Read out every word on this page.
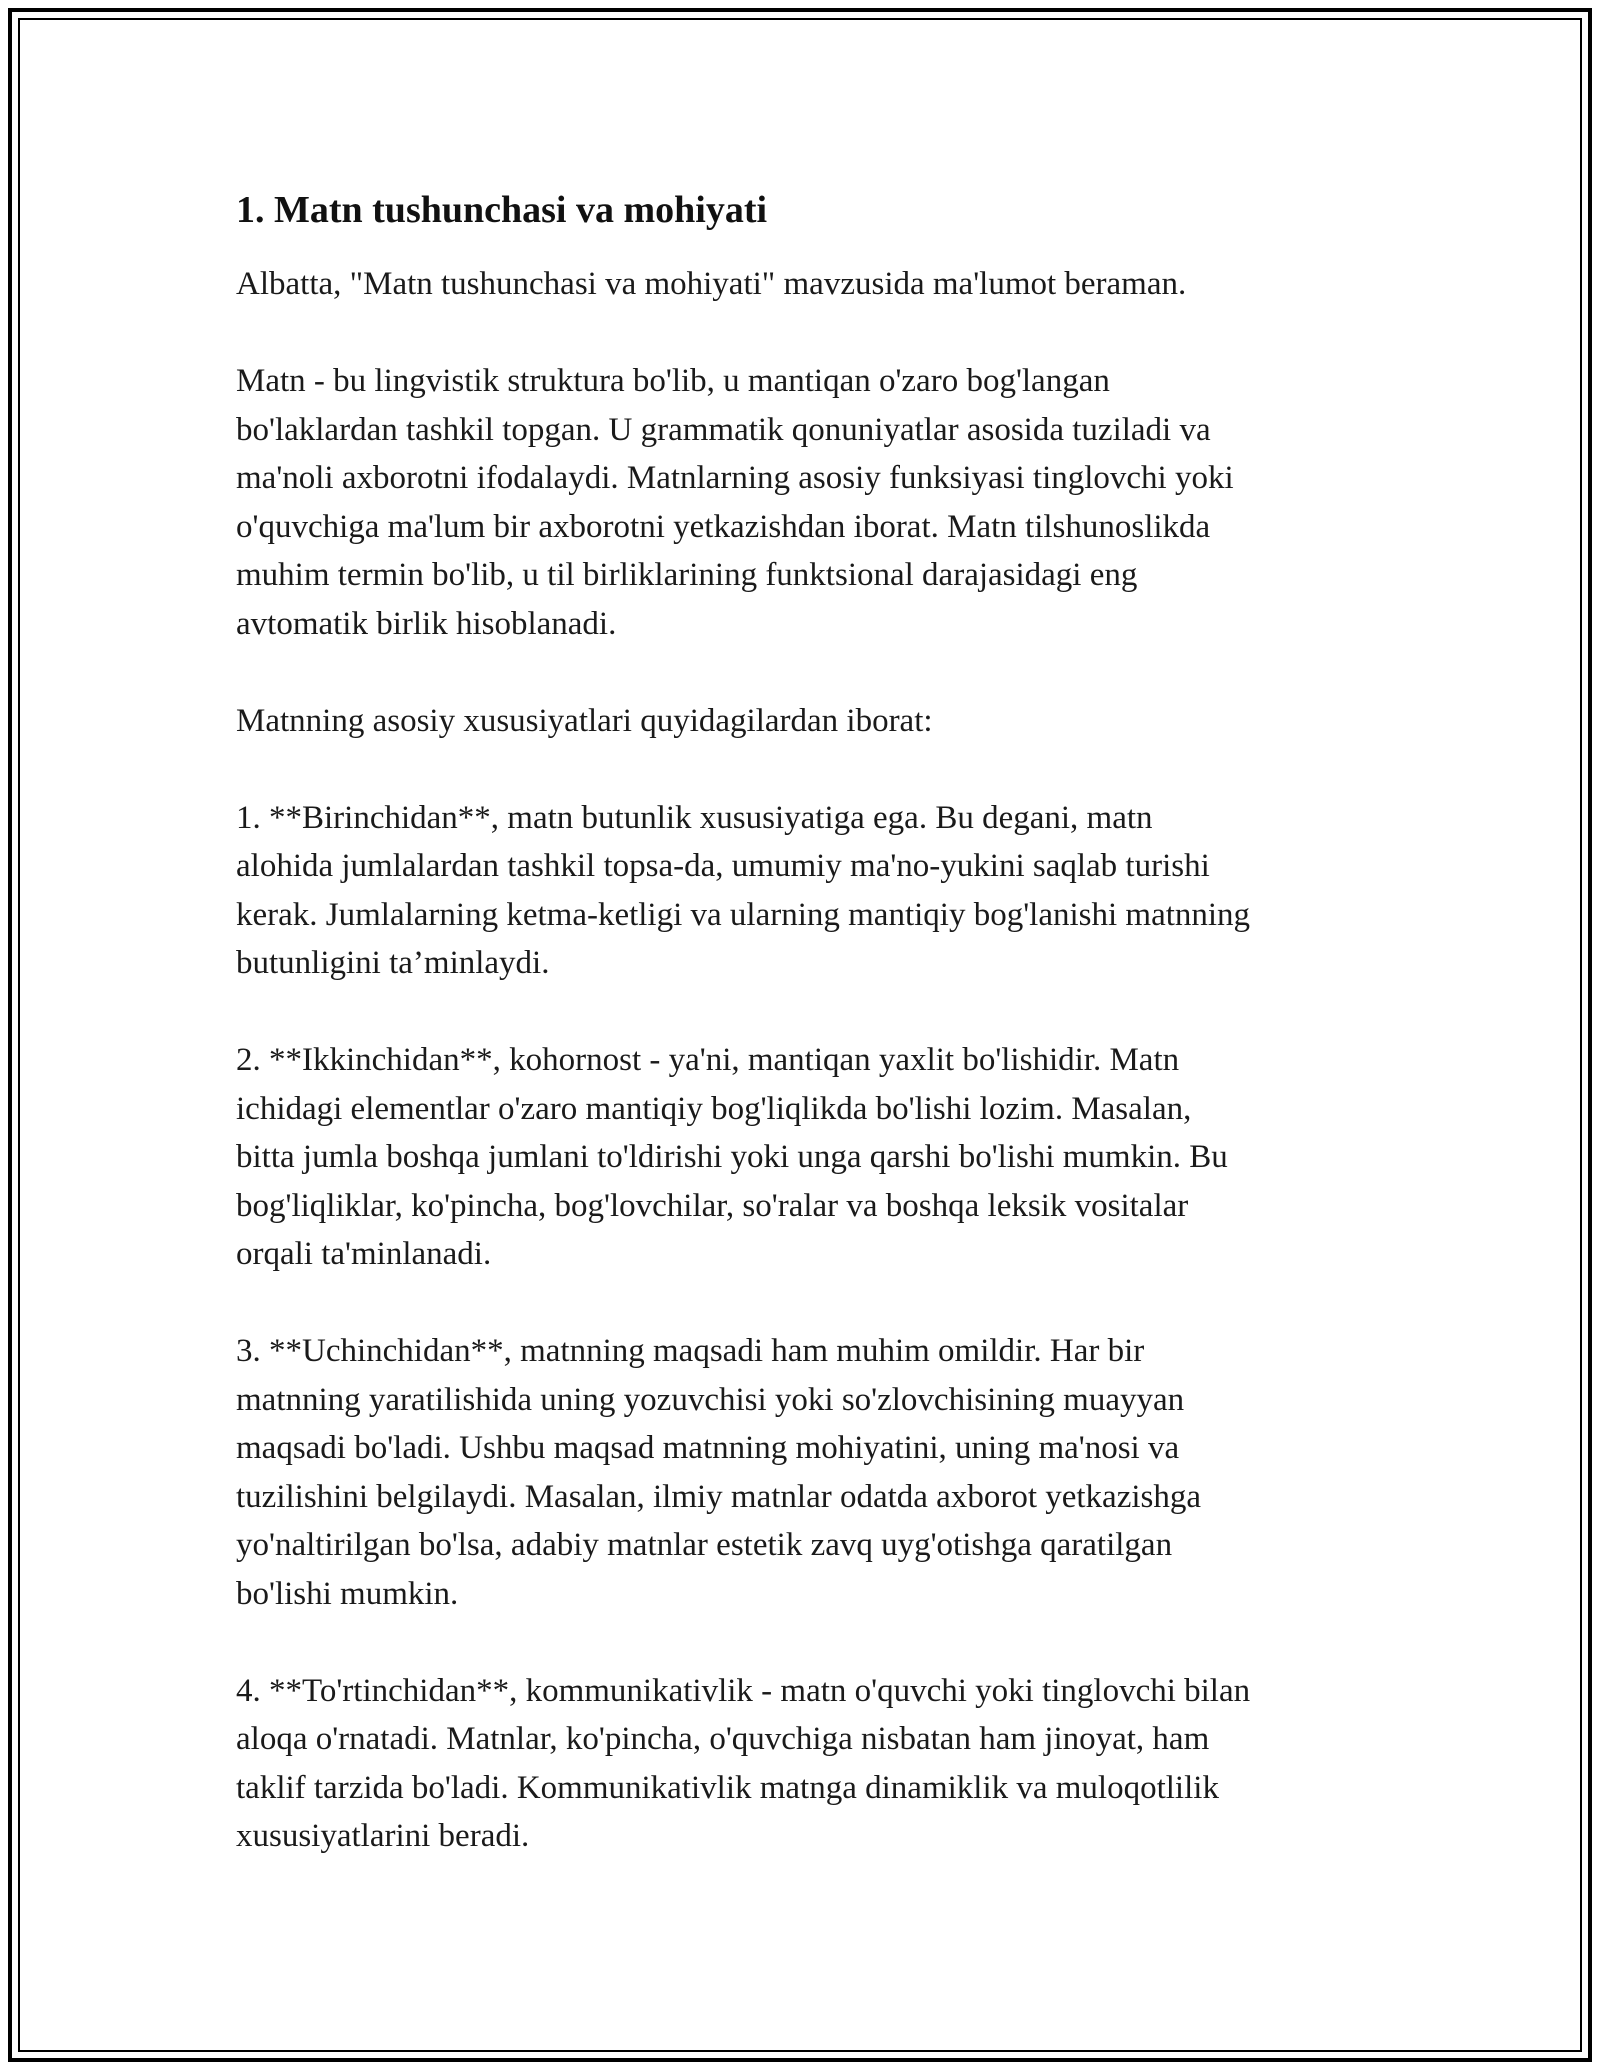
1. Matn tushunchasi va mohiyati

Albatta, "Matn tushunchasi va mohiyati" mavzusida ma'lumot beraman.

Matn - bu lingvistik struktura bo'lib, u mantiqan o'zaro bog'langan
bo'laklardan tashkil topgan. U grammatik qonuniyatlar asosida tuziladi va
ma'noli axborotni ifodalaydi. Matnlarning asosiy funksiyasi tinglovchi yoki
o'quvchiga ma'lum bir axborotni yetkazishdan iborat. Matn tilshunoslikda
muhim termin bo'lib, u til birliklarining funktsional darajasidagi eng
avtomatik birlik hisoblanadi.

Matnning asosiy xususiyatlari quyidagilardan iborat:

1. **Birinchidan**, matn butunlik xususiyatiga ega. Bu degani, matn
alohida jumlalardan tashkil topsa-da, umumiy ma'no-yukini saqlab turishi
kerak. Jumlalarning ketma-ketligi va ularning mantiqiy bog'lanishi matnning
butunligini ta’minlaydi.

2. **Ikkinchidan**, kohornost - ya'ni, mantiqan yaxlit bo'lishidir. Matn
ichidagi elementlar o'zaro mantiqiy bog'liqlikda bo'lishi lozim. Masalan,
bitta jumla boshqa jumlani to'ldirishi yoki unga qarshi bo'lishi mumkin. Bu
bog'liqliklar, ko'pincha, bog'lovchilar, so'ralar va boshqa leksik vositalar
orqali ta'minlanadi.

3. **Uchinchidan**, matnning maqsadi ham muhim omildir. Har bir
matnning yaratilishida uning yozuvchisi yoki so'zlovchisining muayyan
maqsadi bo'ladi. Ushbu maqsad matnning mohiyatini, uning ma'nosi va
tuzilishini belgilaydi. Masalan, ilmiy matnlar odatda axborot yetkazishga
yo'naltirilgan bo'lsa, adabiy matnlar estetik zavq uyg'otishga qaratilgan
bo'lishi mumkin.

4. **To'rtinchidan**, kommunikativlik - matn o'quvchi yoki tinglovchi bilan
aloqa o'rnatadi. Matnlar, ko'pincha, o'quvchiga nisbatan ham jinoyat, ham
taklif tarzida bo'ladi. Kommunikativlik matnga dinamiklik va muloqotlilik
xususiyatlarini beradi.
